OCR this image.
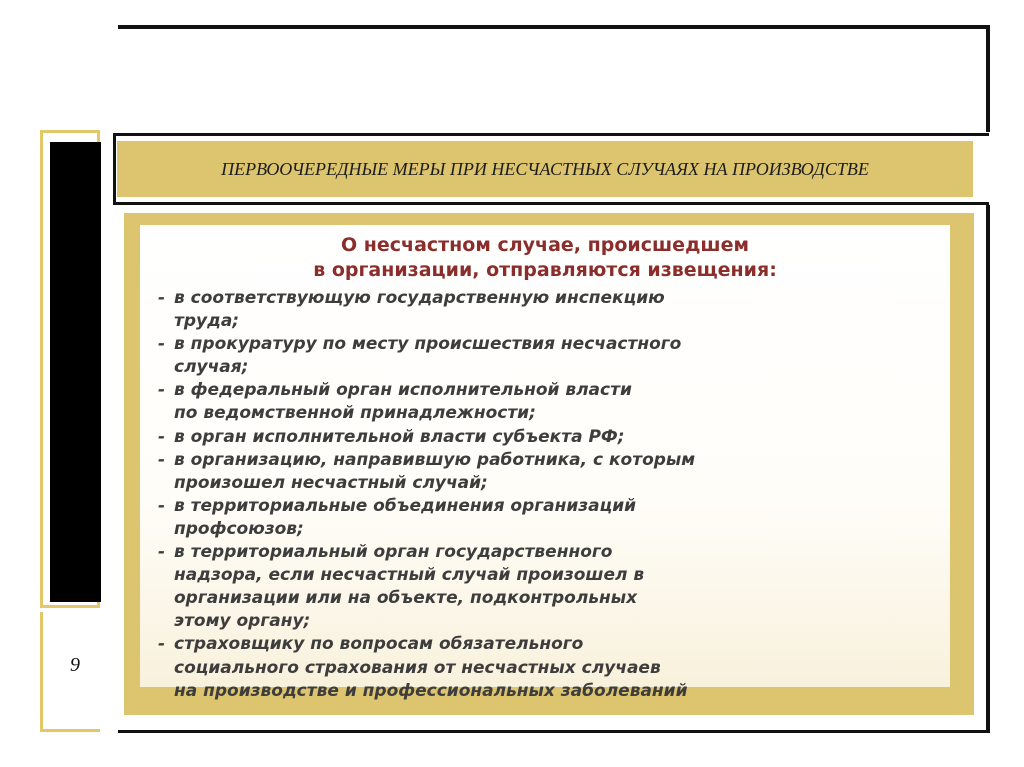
9
ПЕРВООЧЕРЕДНЫЕ МЕРЫ ПРИ НЕСЧАСТНЫХ СЛУЧАЯХ НА ПРОИЗВОДСТВЕ
О несчастном случае, происшедшем
в организации, отправляются извещения:
- в соответствующую государственную инспекцию
труда;
- в прокуратуру по месту происшествия несчастного
случая;
- в федеральный орган исполнительной власти
по ведомственной принадлежности;
- в орган исполнительной власти субъекта РФ;
- в организацию, направившую работника, с которым
произошел несчастный случай;
- в территориальные объединения организаций
профсоюзов;
- в территориальный орган государственного
надзора, если несчастный случай произошел в
организации или на объекте, подконтрольных
этому органу;
- страховщику по вопросам обязательного
социального страхования от несчастных случаев
на производстве и профессиональных заболеваний
